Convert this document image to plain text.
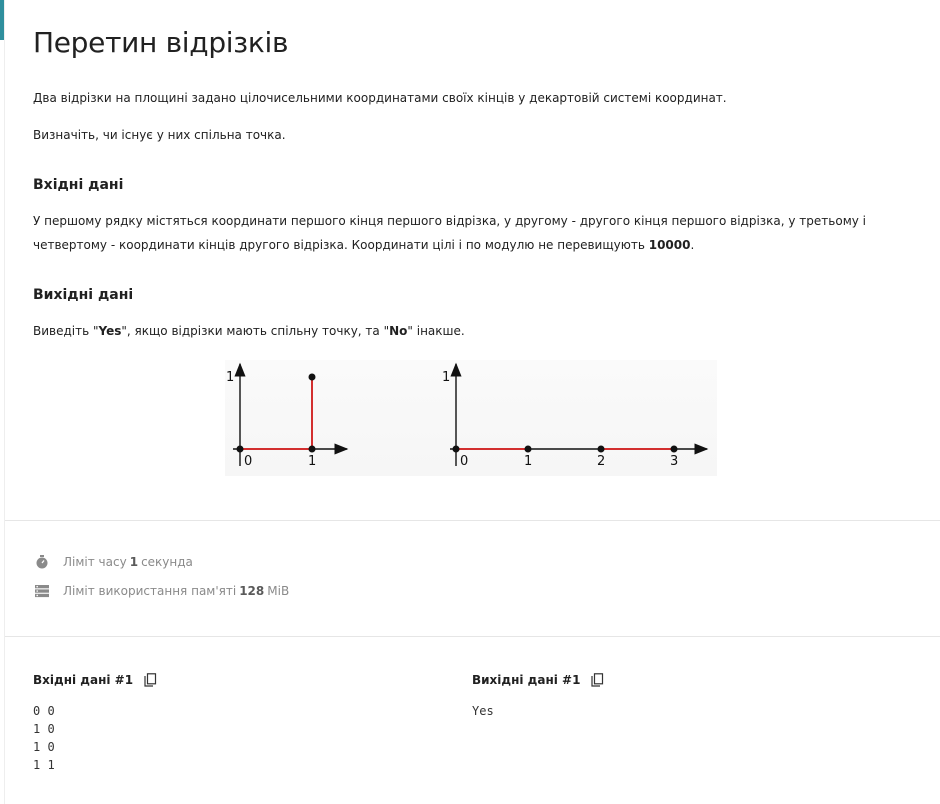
Перетин відрізків

Два відрізки на площині задано цілочисельними координатами своїх кінців у декартовій системі координат.

Визначіть, чи існує у них спільна точка.

Вхідні дані

У першому рядку містяться координати першого кінця першого відрізка, у другому - другого кінця першого відрізка, у третьому і

четвертому - координати кінців другого відрізка. Координати цілі і по модулю не перевищують 10000.

Вихідні дані

Виведіть "Yes", якщо відрізки мають спільну точку, та "No" інакше.

1
0	1
1
0	1	2	3
Ліміт часу 1 секунда
Ліміт використання пам'яті 128 MiB
Вхідні дані #1
0 0
1 0
1 0
1 1
Вихідні дані #1
Yes
